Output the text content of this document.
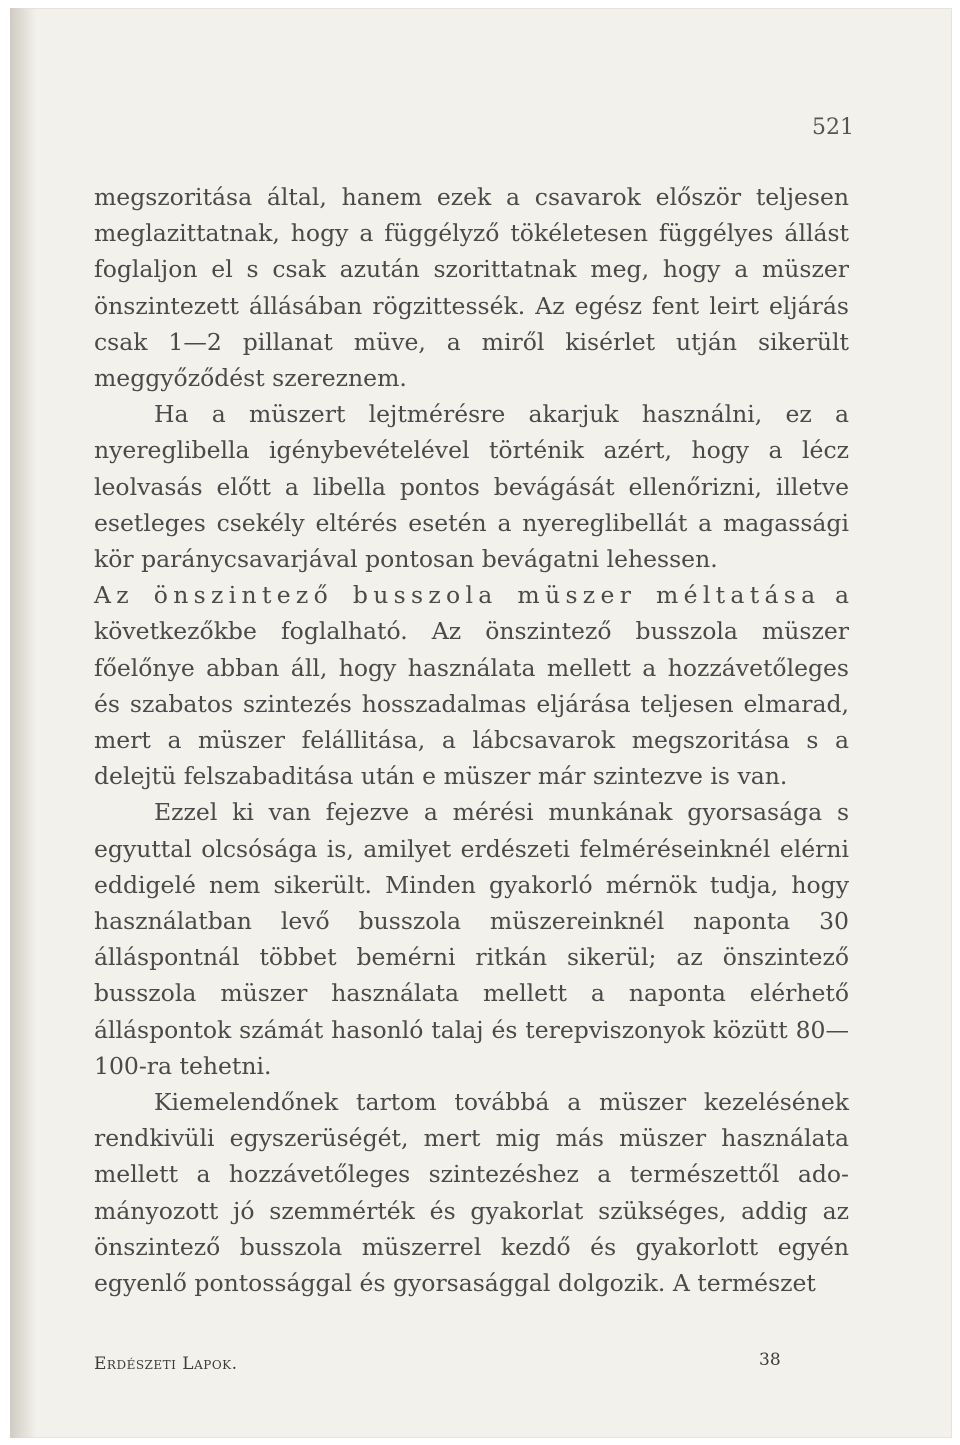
521

megszoritása által, hanem ezek a csavarok először teljesen meglazittatnak, hogy a függélyző tökéletesen függélyes állást foglaljon el s csak azután szorittatnak meg, hogy a müszer önszintezett állásában rögzittessék. Az egész fent leirt eljárás csak 1—2 pillanat müve, a miről kisérlet utján sikerült meggyőződést szereznem.

Ha a müszert lejtmérésre akarjuk használni, ez a nyereglibella igénybevételével történik azért, hogy a lécz leolvasás előtt a libella pontos bevágását ellenőrizni, illetve esetleges csekély eltérés esetén a nyereglibellát a magassági kör paránycsavarjával pontosan bevágatni lehessen.

Az önszintező busszola müszer méltatása a következőkbe foglalható. Az önszintező busszola müszer főelőnye abban áll, hogy használata mellett a hozzávetőleges és szabatos szintezés hosszadalmas eljárása teljesen elmarad, mert a müszer felállitása, a lábcsavarok megszoritása s a delejtü felszabaditása után e müszer már szintezve is van.

Ezzel ki van fejezve a mérési munkának gyorsasága s egyuttal olcsósága is, amilyet erdészeti felméréseinknél elérni eddigelé nem sikerült. Minden gyakorló mérnök tudja, hogy használatban levő busszola müszereinknél naponta 30 álláspontnál többet bemérni ritkán sikerül; az önszintező busszola müszer használata mellett a naponta elérhető álláspontok számát hasonló talaj és terepviszonyok közütt 80—100-ra tehetni.

Kiemelendőnek tartom továbbá a müszer kezelésének rendkivüli egyszerüségét, mert mig más müszer használata mellett a hozzávetőleges szintezéshez a természettől adományozott jó szemmérték és gyakorlat szükséges, addig az önszintező busszola müszerrel kezdő és gyakorlott egyén egyenlő pontossággal és gyorsasággal dolgozik. A természet

Erdészeti Lapok.	38
